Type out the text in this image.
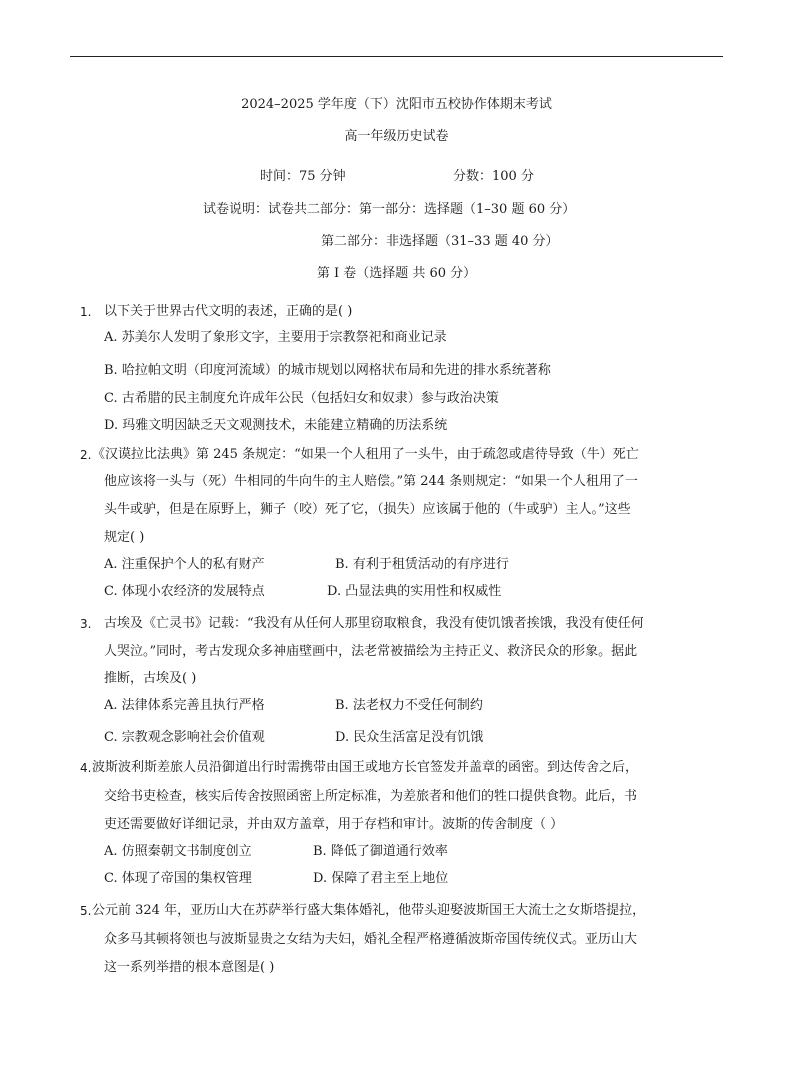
2024–2025 学年度（下）沈阳市五校协作体期末考试
高一年级历史试卷
时间：75 分钟	分数：100 分
试卷说明：试卷共二部分：第一部分：选择题（1–30 题 60 分）
第二部分：非选择题（31–33 题 40 分）
第 Ⅰ 卷（选择题 共 60 分）
1. 以下关于世界古代文明的表述，正确的是( )
A. 苏美尔人发明了象形文字，主要用于宗教祭祀和商业记录
B. 哈拉帕文明（印度河流域）的城市规划以网格状布局和先进的排水系统著称
C. 古希腊的民主制度允许成年公民（包括妇女和奴隶）参与政治决策
D. 玛雅文明因缺乏天文观测技术，未能建立精确的历法系统
2. 《汉谟拉比法典》第 245 条规定：“如果一个人租用了一头牛，由于疏忽或虐待导致（牛）死亡
他应该将一头与（死）牛相同的牛向牛的主人赔偿。”第 244 条则规定：“如果一个人租用了一
头牛或驴，但是在原野上，狮子（咬）死了它，（损失）应该属于他的（牛或驴）主人。”这些
规定( )
A. 注重保护个人的私有财产	B. 有利于租赁活动的有序进行
C. 体现小农经济的发展特点	D. 凸显法典的实用性和权威性
3. 古埃及《亡灵书》记载：“我没有从任何人那里窃取粮食，我没有使饥饿者挨饿，我没有使任何
人哭泣。”同时，考古发现众多神庙壁画中，法老常被描绘为主持正义、救济民众的形象。据此
推断，古埃及( )
A. 法律体系完善且执行严格	B. 法老权力不受任何制约
C. 宗教观念影响社会价值观	D. 民众生活富足没有饥饿
4. 波斯波利斯差旅人员沿御道出行时需携带由国王或地方长官签发并盖章的函密。到达传舍之后，
交给书吏检查，核实后传舍按照函密上所定标准，为差旅者和他们的牲口提供食物。此后，书
吏还需要做好详细记录，并由双方盖章，用于存档和审计。波斯的传舍制度（ ）
A. 仿照秦朝文书制度创立	B. 降低了御道通行效率
C. 体现了帝国的集权管理	D. 保障了君主至上地位
5. 公元前 324 年，亚历山大在苏萨举行盛大集体婚礼，他带头迎娶波斯国王大流士之女斯塔提拉，
众多马其顿将领也与波斯显贵之女结为夫妇，婚礼全程严格遵循波斯帝国传统仪式。亚历山大
这一系列举措的根本意图是( )
